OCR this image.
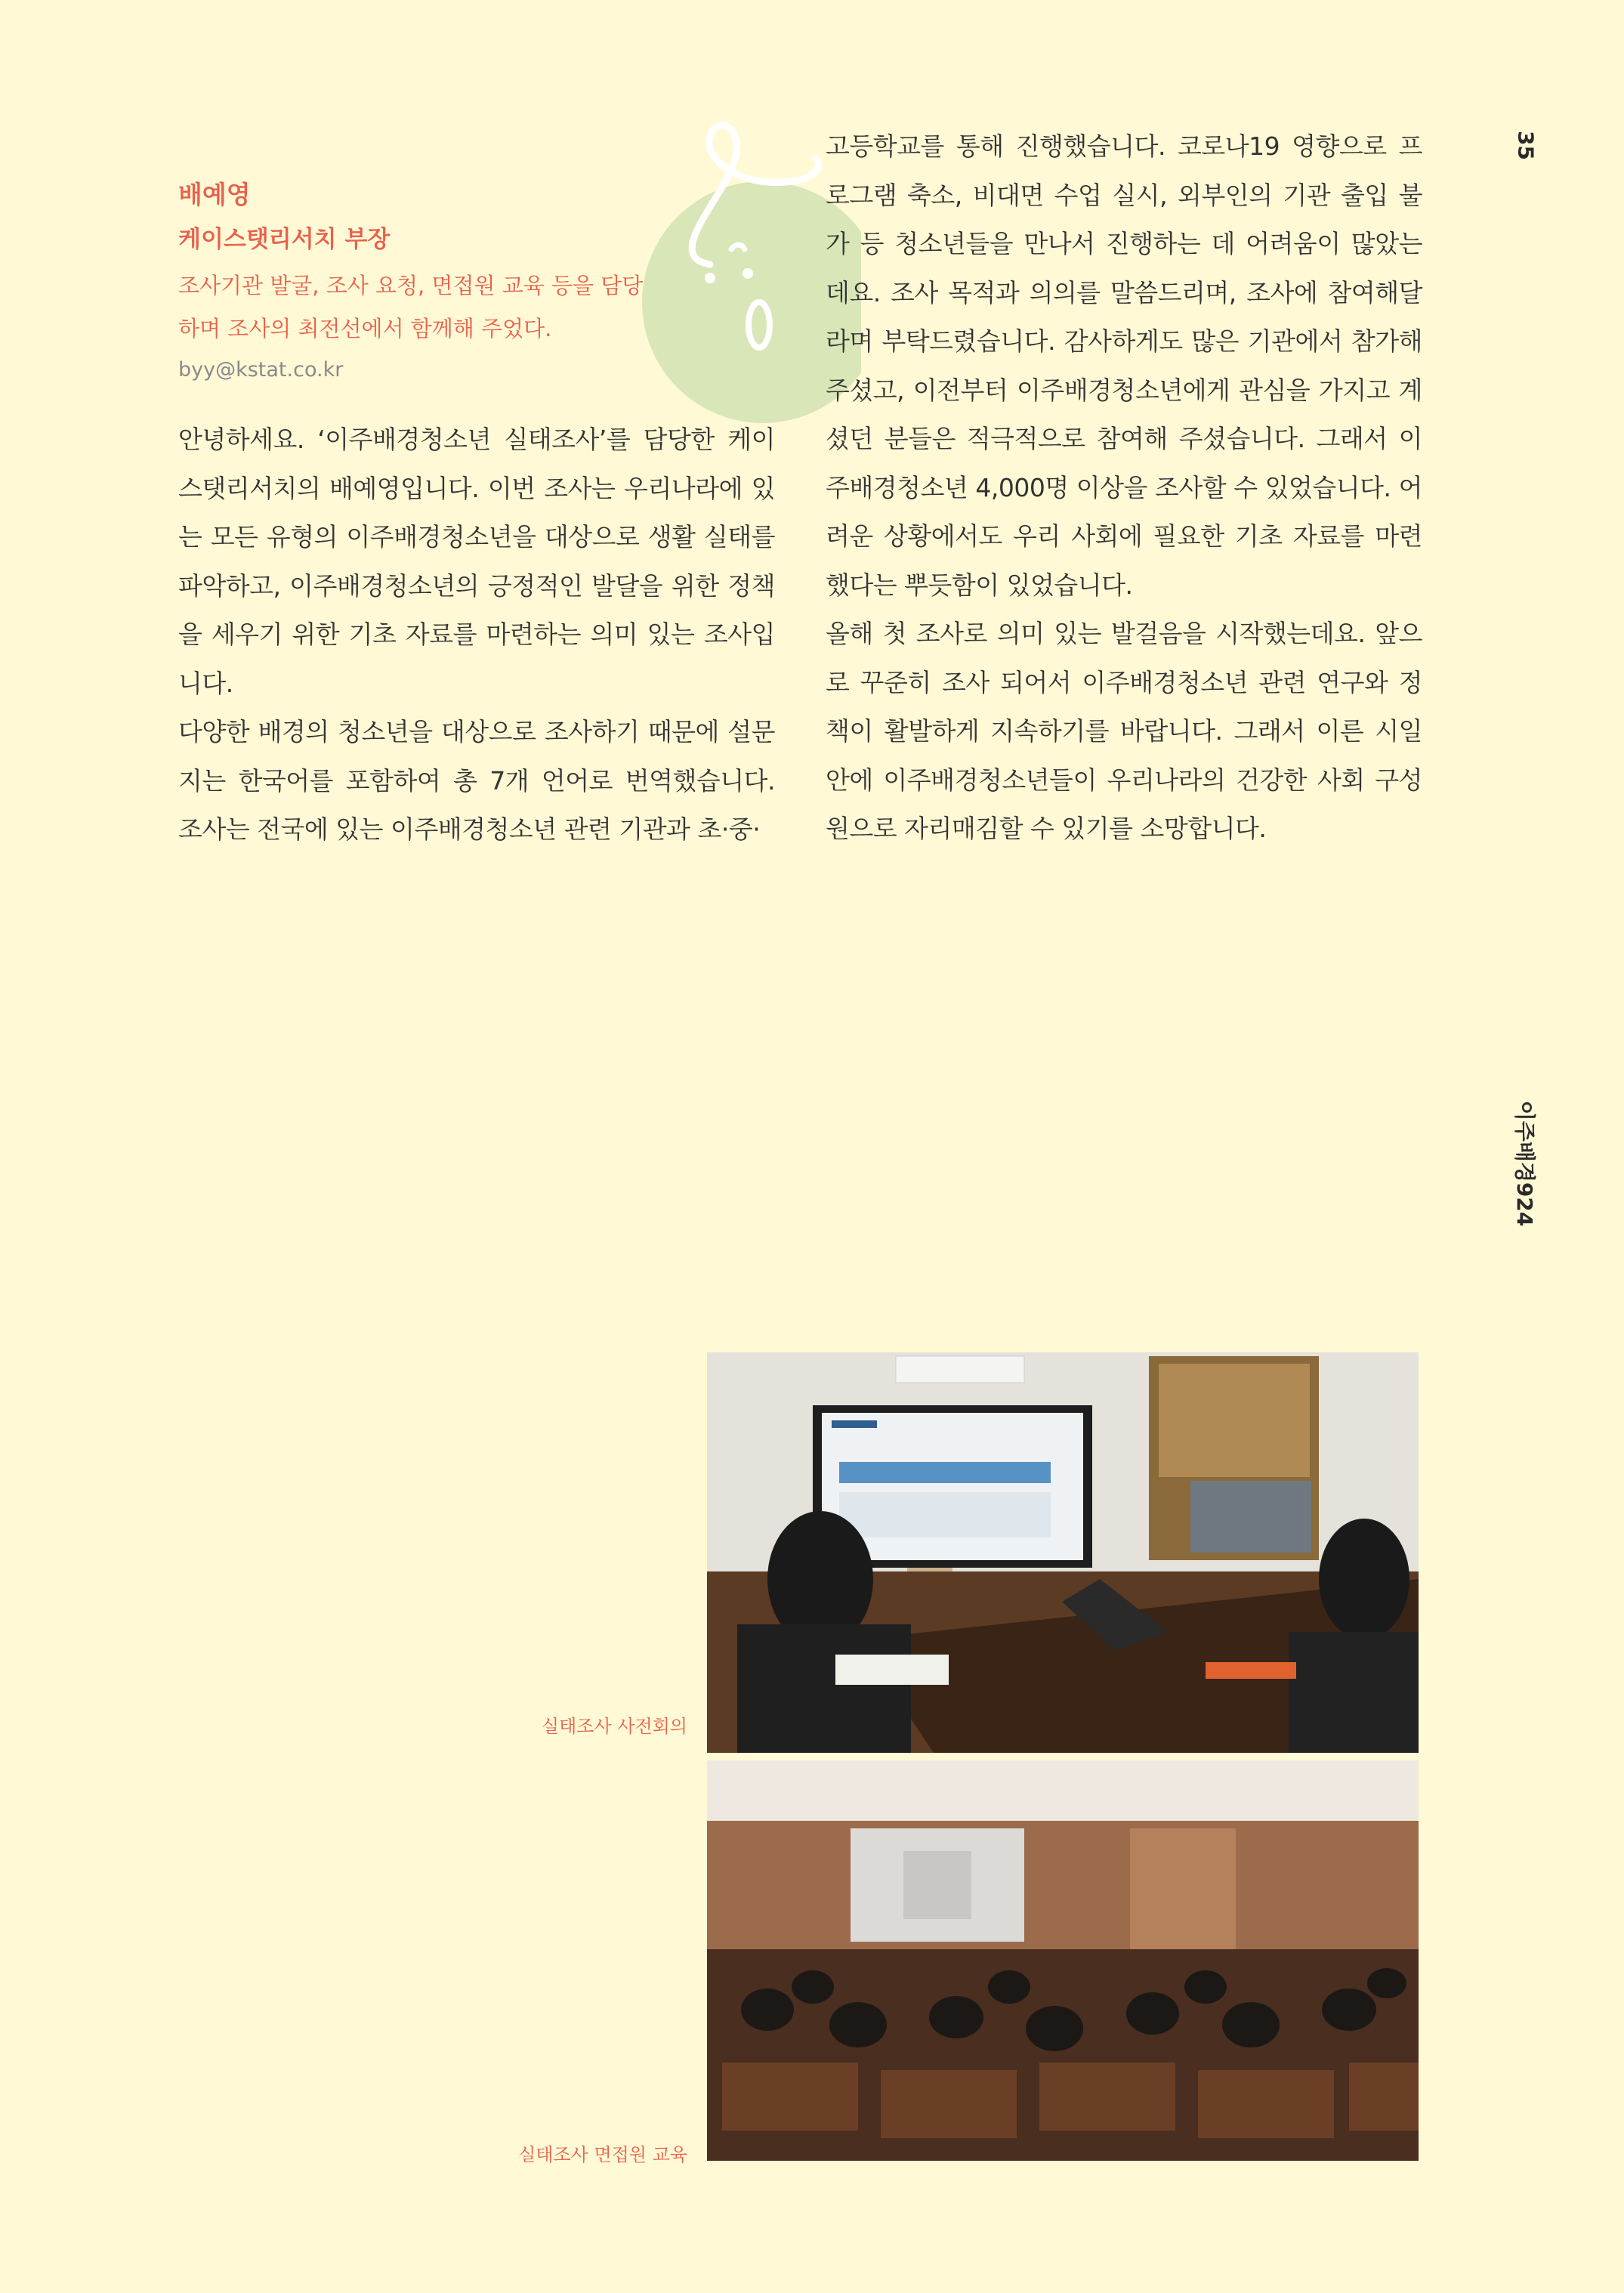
35
이주배경924

배예영

케이스탯리서치 부장

조사기관 발굴, 조사 요청, 면접원 교육 등을 담당하며 조사의 최전선에서 함께해 주었다.

byy@kstat.co.kr

안녕하세요. ‘이주배경청소년 실태조사’를 담당한 케이스탯리서치의 배예영입니다. 이번 조사는 우리나라에 있는 모든 유형의 이주배경청소년을 대상으로 생활 실태를 파악하고, 이주배경청소년의 긍정적인 발달을 위한 정책을 세우기 위한 기초 자료를 마련하는 의미 있는 조사입니다.

다양한 배경의 청소년을 대상으로 조사하기 때문에 설문지는 한국어를 포함하여 총 7개 언어로 번역했습니다. 조사는 전국에 있는 이주배경청소년 관련 기관과 초·중·

고등학교를 통해 진행했습니다. 코로나19 영향으로 프로그램 축소, 비대면 수업 실시, 외부인의 기관 출입 불가 등 청소년들을 만나서 진행하는 데 어려움이 많았는데요. 조사 목적과 의의를 말씀드리며, 조사에 참여해달라며 부탁드렸습니다. 감사하게도 많은 기관에서 참가해 주셨고, 이전부터 이주배경청소년에게 관심을 가지고 계셨던 분들은 적극적으로 참여해 주셨습니다. 그래서 이주배경청소년 4,000명 이상을 조사할 수 있었습니다. 어려운 상황에서도 우리 사회에 필요한 기초 자료를 마련했다는 뿌듯함이 있었습니다.

올해 첫 조사로 의미 있는 발걸음을 시작했는데요. 앞으로 꾸준히 조사 되어서 이주배경청소년 관련 연구와 정책이 활발하게 지속하기를 바랍니다. 그래서 이른 시일 안에 이주배경청소년들이 우리나라의 건강한 사회 구성원으로 자리매김할 수 있기를 소망합니다.

실태조사 사전회의
실태조사 면접원 교육
